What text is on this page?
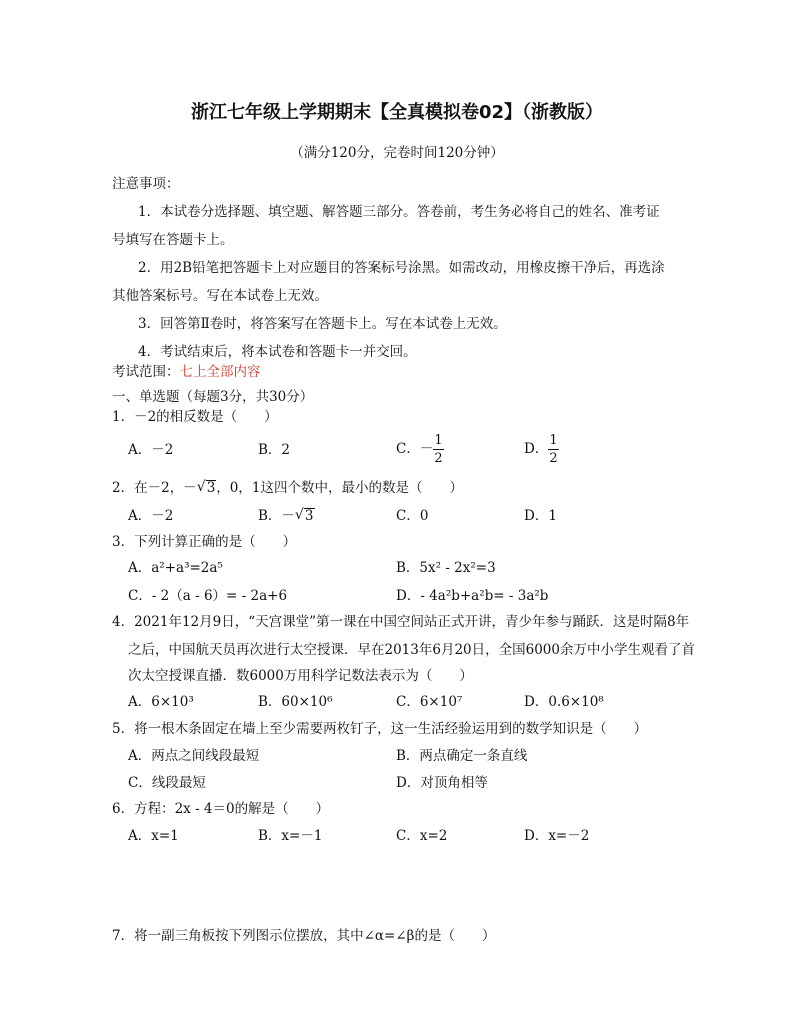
浙江七年级上学期期末【全真模拟卷02】（浙教版）
（满分120分，完卷时间120分钟）
注意事项：
1．本试卷分选择题、填空题、解答题三部分。答卷前，考生务必将自己的姓名、准考证
号填写在答题卡上。
2．用2B铅笔把答题卡上对应题目的答案标号涂黑。如需改动，用橡皮擦干净后，再选涂
其他答案标号。写在本试卷上无效。
3．回答第Ⅱ卷时，将答案写在答题卡上。写在本试卷上无效。
4．考试结束后，将本试卷和答题卡一并交回。
考试范围：七上全部内容
一、单选题（每题3分，共30分）
1．－2的相反数是（　　）
A．－2	B．2	C．－ $\frac{1}{2}$	D． $\frac{1}{2}$
2．在－2，－ √ 3，0，1这四个数中，最小的数是（　　）
A．－2	B．－ √ 3	C．0	D．1
3．下列计算正确的是（　　）
A．a²+a³=2a⁵	B．5x² - 2x²=3
C．- 2（a - 6）= - 2a+6	D．- 4a²b+a²b= - 3a²b
4．2021年12月9日，“天宫课堂”第一课在中国空间站正式开讲，青少年参与踊跃．这是时隔8年
之后，中国航天员再次进行太空授课．早在2013年6月20日，全国6000余万中小学生观看了首
次太空授课直播．数6000万用科学记数法表示为（　　）
A．6×10³	B．60×10⁶	C．6×10⁷	D．0.6×10⁸
5．将一根木条固定在墙上至少需要两枚钉子，这一生活经验运用到的数学知识是（　　）
A．两点之间线段最短	B．两点确定一条直线
C．线段最短	D．对顶角相等
6．方程：2x - 4＝0的解是（　　）
A．x=1	B．x=－1	C．x=2	D．x=－2
7．将一副三角板按下列图示位摆放，其中∠α=∠β的是（　　）
